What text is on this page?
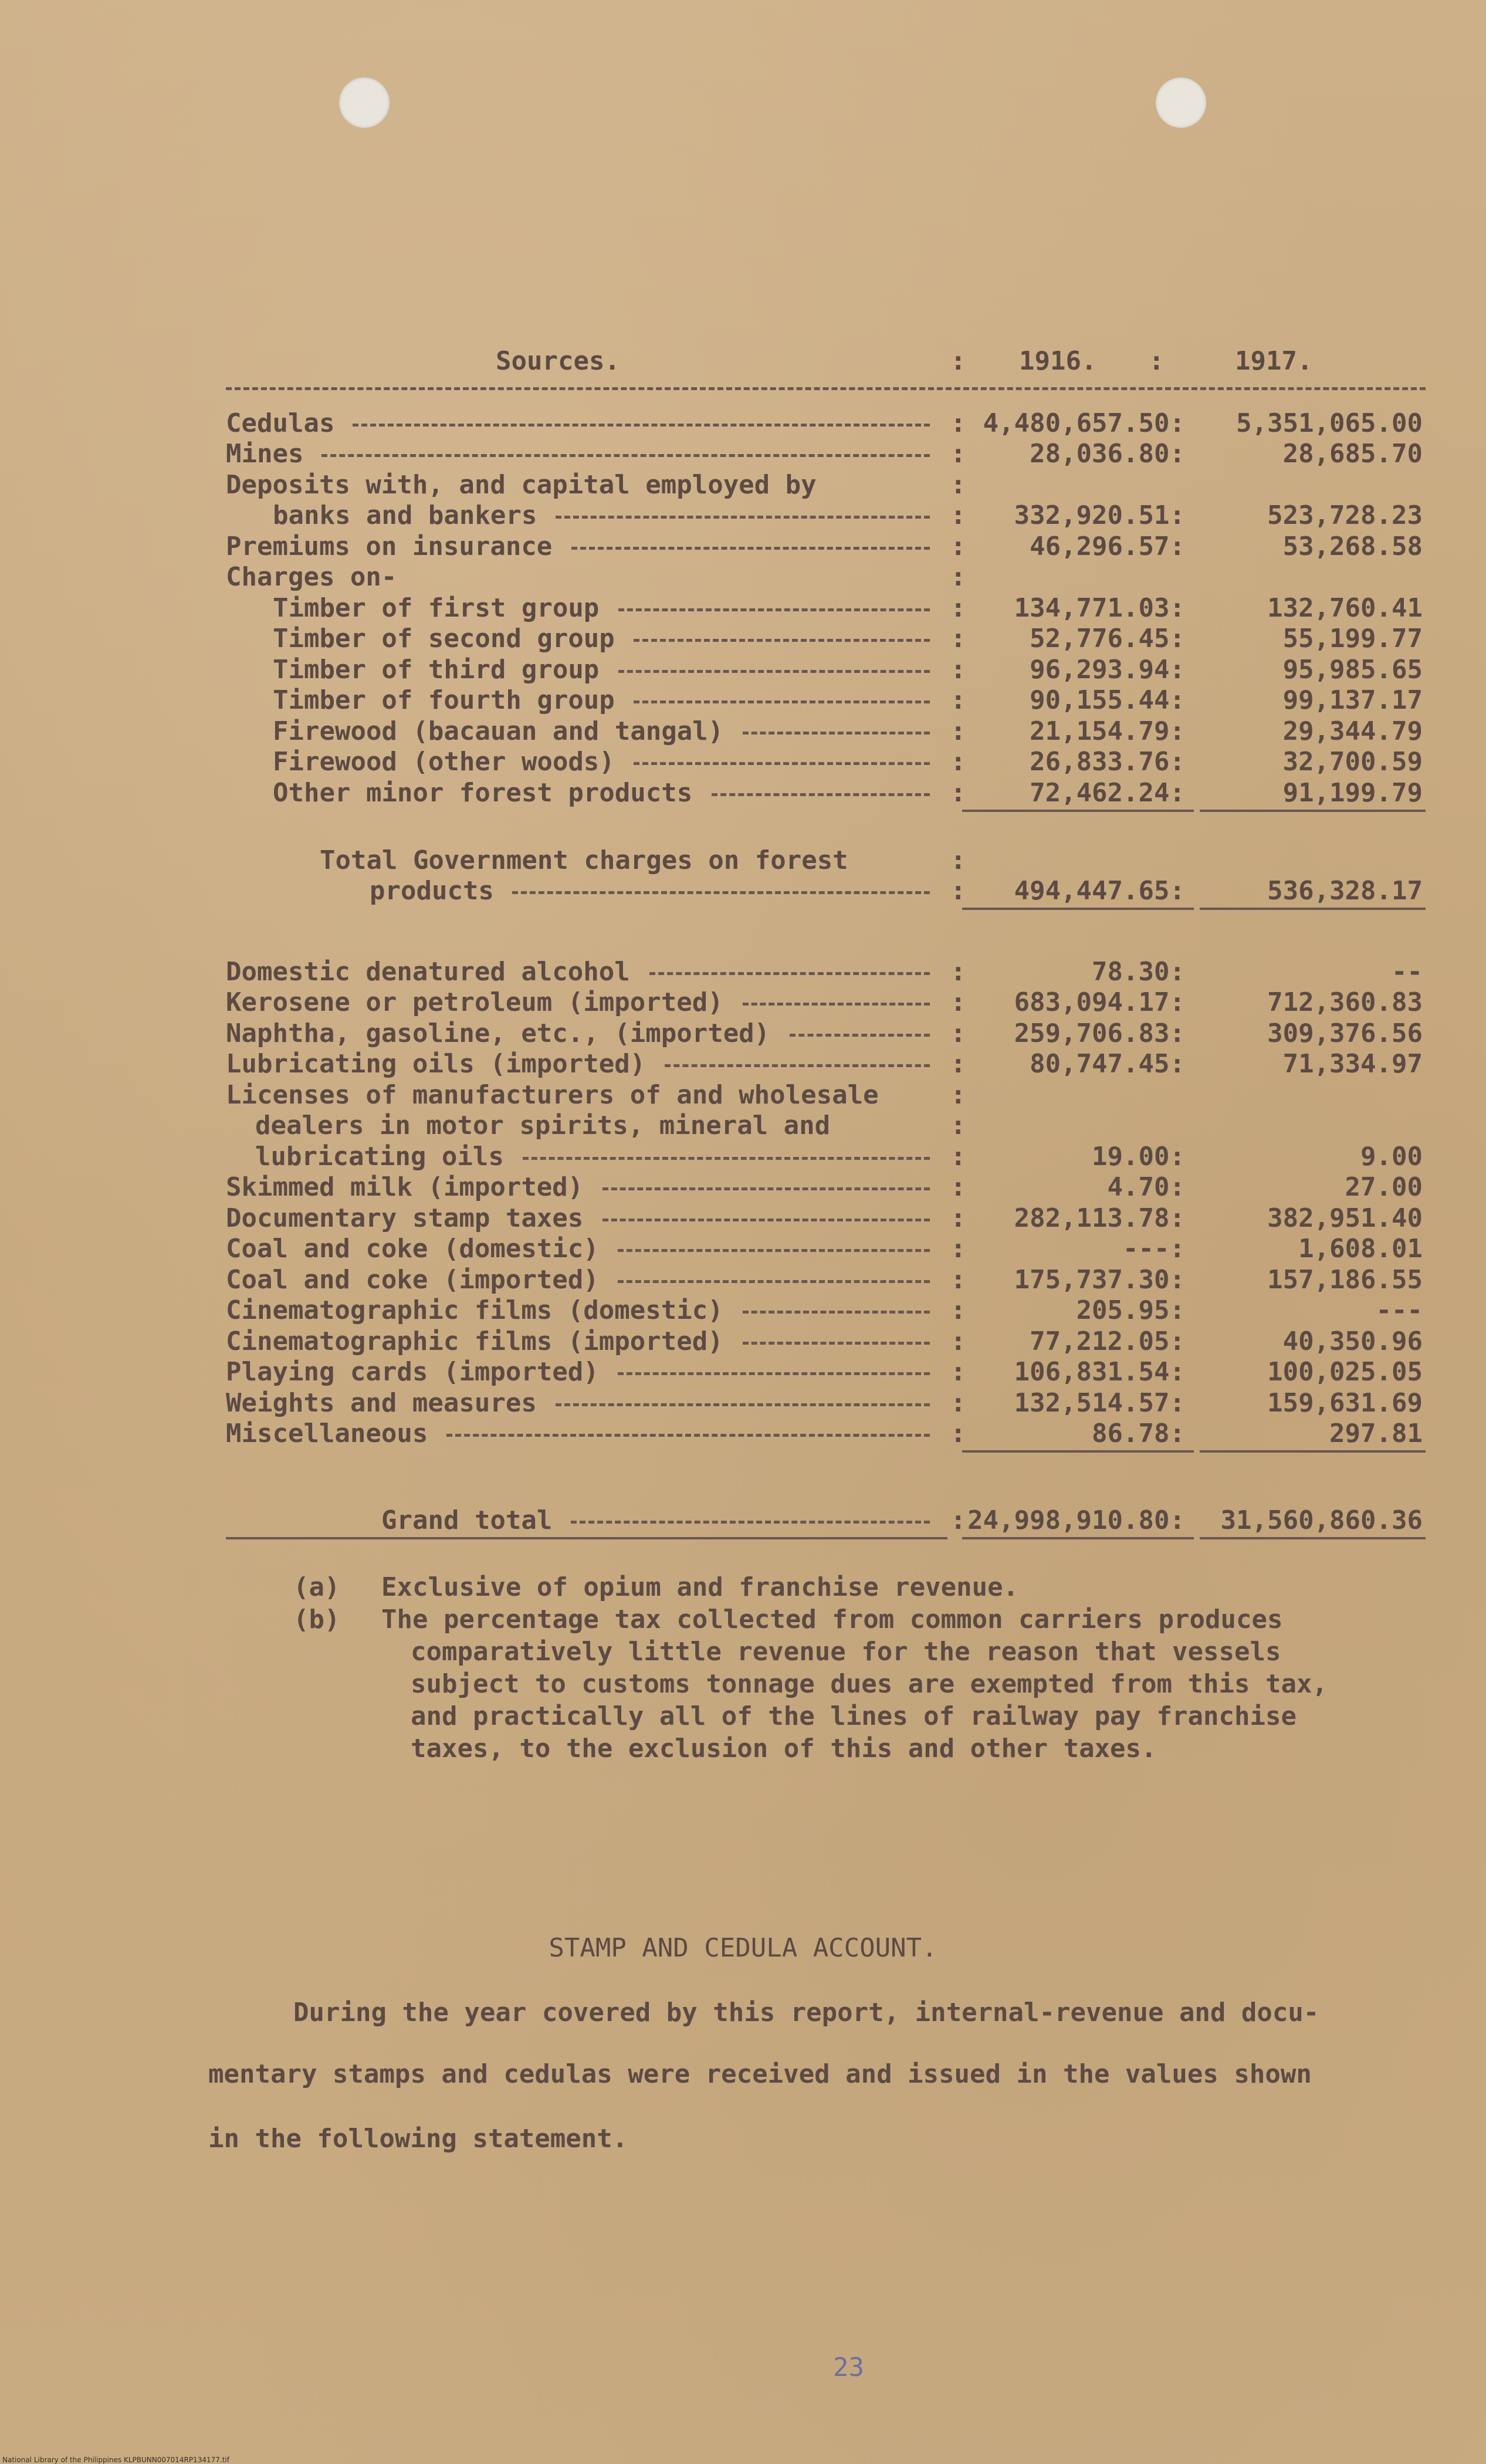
Sources.	1916.	1917.
:	:
Cedulas	: 4,480,657.50:	5,351,065.00
Mines	:	28,036.80:	28,685.70
Deposits with, and capital employed by	:
banks and bankers	:	332,920.51:	523,728.23
Premiums on insurance	:	46,296.57:	53,268.58
Charges on-	:
Timber of first group	:	134,771.03:	132,760.41
Timber of second group	:	52,776.45:	55,199.77
Timber of third group	:	96,293.94:	95,985.65
Timber of fourth group	:	90,155.44:	99,137.17
Firewood (bacauan and tangal)	:	21,154.79:	29,344.79
Firewood (other woods)	:	26,833.76:	32,700.59
Other minor forest products	:	72,462.24:	91,199.79
Total Government charges on forest	:
products	:	494,447.65:	536,328.17
Domestic denatured alcohol	:	78.30:	--
Kerosene or petroleum (imported)	:	683,094.17:	712,360.83
Naphtha, gasoline, etc., (imported)	:	259,706.83:	309,376.56
Lubricating oils (imported)	:	80,747.45:	71,334.97
Licenses of manufacturers of and wholesale	:
dealers in motor spirits, mineral and	:
lubricating oils	:	19.00:	9.00
Skimmed milk (imported)	:	4.70:	27.00
Documentary stamp taxes	:	282,113.78:	382,951.40
Coal and coke (domestic)	:	---:	1,608.01
Coal and coke (imported)	:	175,737.30:	157,186.55
Cinematographic films (domestic)	:	205.95:	---
Cinematographic films (imported)	:	77,212.05:	40,350.96
Playing cards (imported)	:	106,831.54:	100,025.05
Weights and measures	:	132,514.57:	159,631.69
Miscellaneous	:	86.78:	297.81
Grand total	: 24,998,910.80:	31,560,860.36
(a) Exclusive of opium and franchise revenue.
(b) The percentage tax collected from common carriers produces
comparatively little revenue for the reason that vessels
subject to customs tonnage dues are exempted from this tax,
and practically all of the lines of railway pay franchise
taxes, to the exclusion of this and other taxes.
STAMP AND CEDULA ACCOUNT.
During the year covered by this report, internal-revenue and docu-
mentary stamps and cedulas were received and issued in the values shown
in the following statement.
23
National Library of the Philippines KLPBUNN007014RP134177.tif
